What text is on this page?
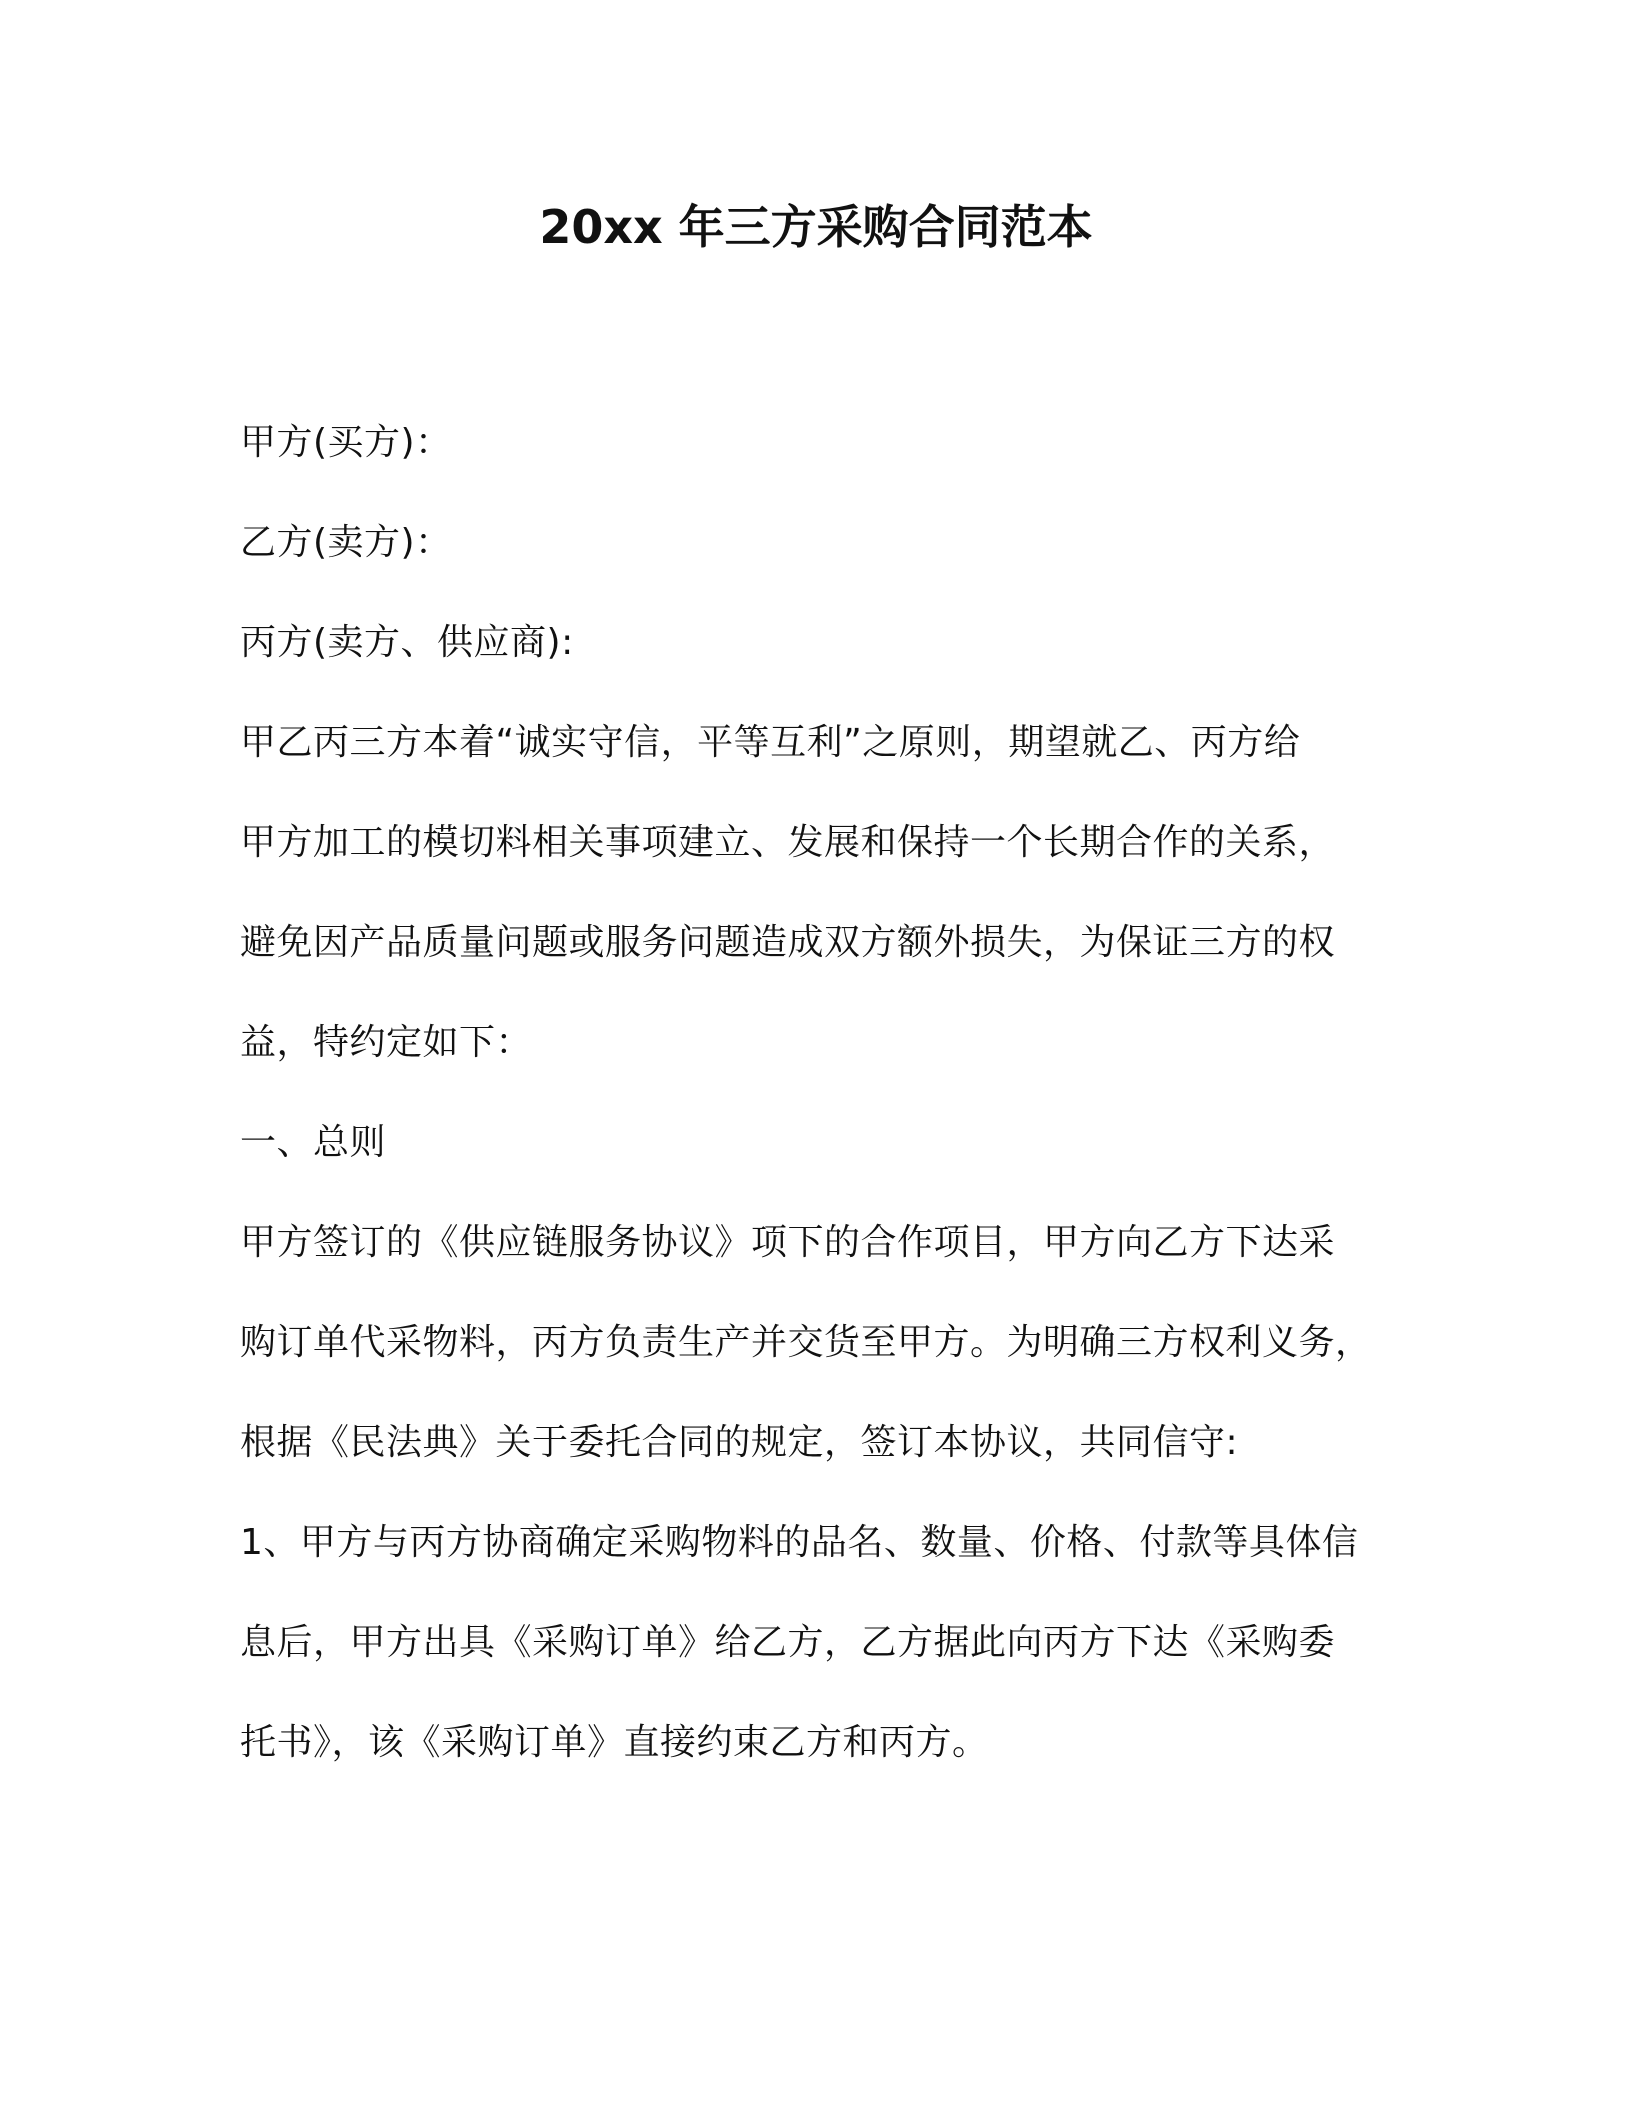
20xx 年三方采购合同范本
甲方(买方)：
乙方(卖方)：
丙方(卖方、供应商):
甲乙丙三方本着“诚实守信，平等互利”之原则，期望就乙、丙方给
甲方加工的模切料相关事项建立、发展和保持一个长期合作的关系，
避免因产品质量问题或服务问题造成双方额外损失，为保证三方的权
益，特约定如下：
一、总则
甲方签订的《供应链服务协议》项下的合作项目，甲方向乙方下达采
购订单代采物料，丙方负责生产并交货至甲方。为明确三方权利义务，
根据《民法典》关于委托合同的规定，签订本协议，共同信守:
1、甲方与丙方协商确定采购物料的品名、数量、价格、付款等具体信
息后，甲方出具《采购订单》给乙方，乙方据此向丙方下达《采购委
托书》，该《采购订单》直接约束乙方和丙方。
